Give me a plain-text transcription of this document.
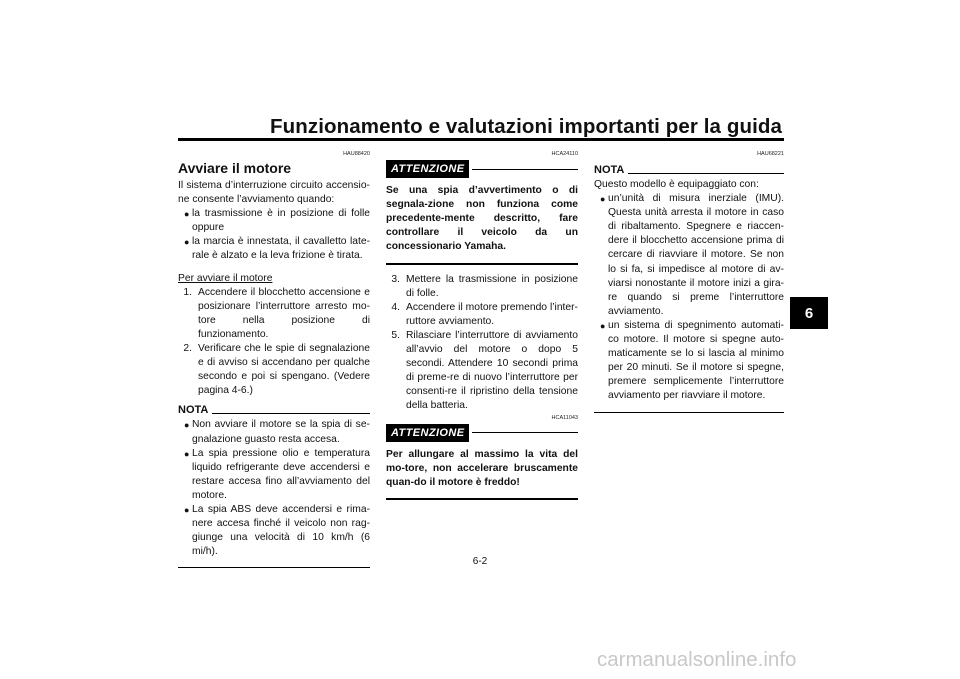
Funzionamento e valutazioni importanti per la guida
6
HAU88420
Avviare il motore

Il sistema d’interruzione circuito accensio-ne consente l’avviamento quando:

● la trasmissione è in posizione di folle oppure
● la marcia è innestata, il cavalletto late-rale è alzato e la leva frizione è tirata.

Per avviare il motore

1. Accendere il blocchetto accensione e posizionare l’interruttore arresto mo-tore nella posizione di funzionamento.
2. Verificare che le spie di segnalazione e di avviso si accendano per qualche secondo e poi si spengano. (Vedere pagina 4-6.)
NOTA
● Non avviare il motore se la spia di se-gnalazione guasto resta accesa.
● La spia pressione olio e temperatura liquido refrigerante deve accendersi e restare accesa fino all’avviamento del motore.
● La spia ABS deve accendersi e rima-nere accesa finché il veicolo non rag-giunge una velocità di 10 km/h (6 mi/h).
HCA24110
ATTENZIONE

Se una spia d’avvertimento o di segnala-zione non funziona come precedente-mente descritto, fare controllare il veicolo da un concessionario Yamaha.

3. Mettere la trasmissione in posizione di folle.
4. Accendere il motore premendo l’inter-ruttore avviamento.
5. Rilasciare l’interruttore di avviamento all’avvio del motore o dopo 5 secondi. Attendere 10 secondi prima di preme-re di nuovo l’interruttore per consenti-re il ripristino della tensione della batteria.
HCA11043
ATTENZIONE

Per allungare al massimo la vita del mo-tore, non accelerare bruscamente quan-do il motore è freddo!

HAU68221
NOTA

Questo modello è equipaggiato con:

● un’unità di misura inerziale (IMU). Questa unità arresta il motore in caso di ribaltamento. Spegnere e riaccen-dere il blocchetto accensione prima di cercare di riavviare il motore. Se non lo si fa, si impedisce al motore di av-viarsi nonostante il motore inizi a gira-re quando si preme l’interruttore avviamento.
● un sistema di spegnimento automati-co motore. Il motore si spegne auto-maticamente se lo si lascia al minimo per 20 minuti. Se il motore si spegne, premere semplicemente l’interruttore avviamento per riavviare il motore.
6-2
carmanualsonline.info
